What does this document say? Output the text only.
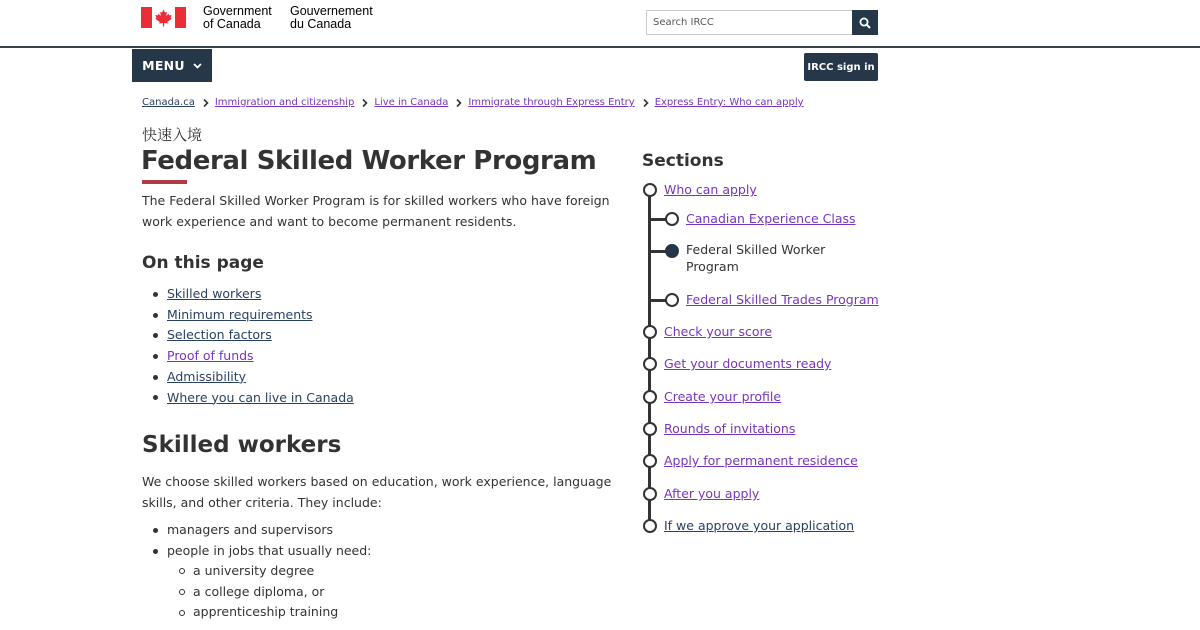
Government
of Canada
Gouvernement
du Canada	Search IRCC
MENU	IRCC sign in
Canada.ca Immigration and citizenship Live in Canada Immigrate through Express Entry Express Entry: Who can apply
快速入境
Federal Skilled Worker Program

The Federal Skilled Worker Program is for skilled workers who have foreign work experience and want to become permanent residents.

On this page
Skilled workers
Minimum requirements
Selection factors
Proof of funds
Admissibility
Where you can live in Canada
Skilled workers

We choose skilled workers based on education, work experience, language skills, and other criteria. They include:

managers and supervisors
people in jobs that usually need:
a university degree
a college diploma, or
apprenticeship training
Sections
Who can apply
Canadian Experience Class
Federal Skilled Worker Program
Federal Skilled Trades Program
Check your score
Get your documents ready
Create your profile
Rounds of invitations
Apply for permanent residence
After you apply
If we approve your application
